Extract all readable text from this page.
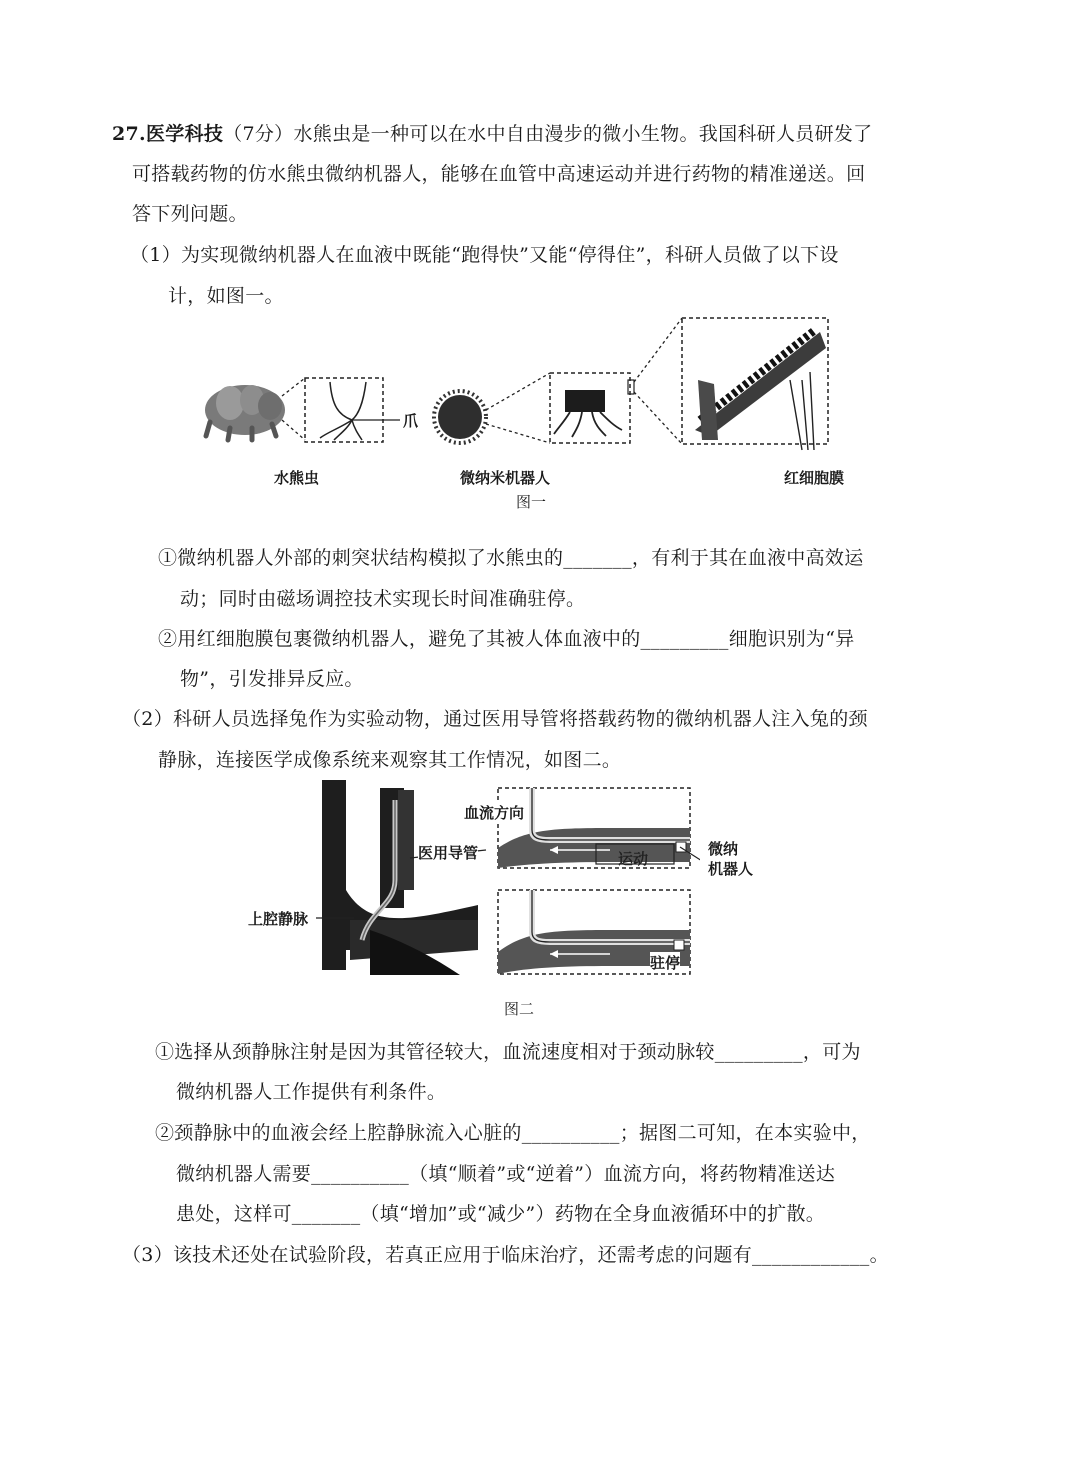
27.医学科技（7分）水熊虫是一种可以在水中自由漫步的微小生物。我国科研人员研发了
可搭载药物的仿水熊虫微纳机器人，能够在血管中高速运动并进行药物的精准递送。回
答下列问题。
（1）为实现微纳机器人在血液中既能“跑得快”又能“停得住”，科研人员做了以下设
计，如图一。
爪
水熊虫	微纳米机器人	红细胞膜
图一
①微纳机器人外部的刺突状结构模拟了水熊虫的_______，有利于其在血液中高效运
动；同时由磁场调控技术实现长时间准确驻停。
②用红细胞膜包裹微纳机器人，避免了其被人体血液中的_________细胞识别为“异
物”，引发排异反应。
（2）科研人员选择兔作为实验动物，通过医用导管将搭载药物的微纳机器人注入兔的颈
静脉，连接医学成像系统来观察其工作情况，如图二。
血流方向
医用导管	运动
微纳
机器人
上腔静脉
驻停
图二
①选择从颈静脉注射是因为其管径较大，血流速度相对于颈动脉较_________，可为
微纳机器人工作提供有利条件。
②颈静脉中的血液会经上腔静脉流入心脏的__________；据图二可知，在本实验中，
微纳机器人需要__________（填“顺着”或“逆着”）血流方向，将药物精准送达
患处，这样可_______（填“增加”或“减少”）药物在全身血液循环中的扩散。
（3）该技术还处在试验阶段，若真正应用于临床治疗，还需考虑的问题有____________。
